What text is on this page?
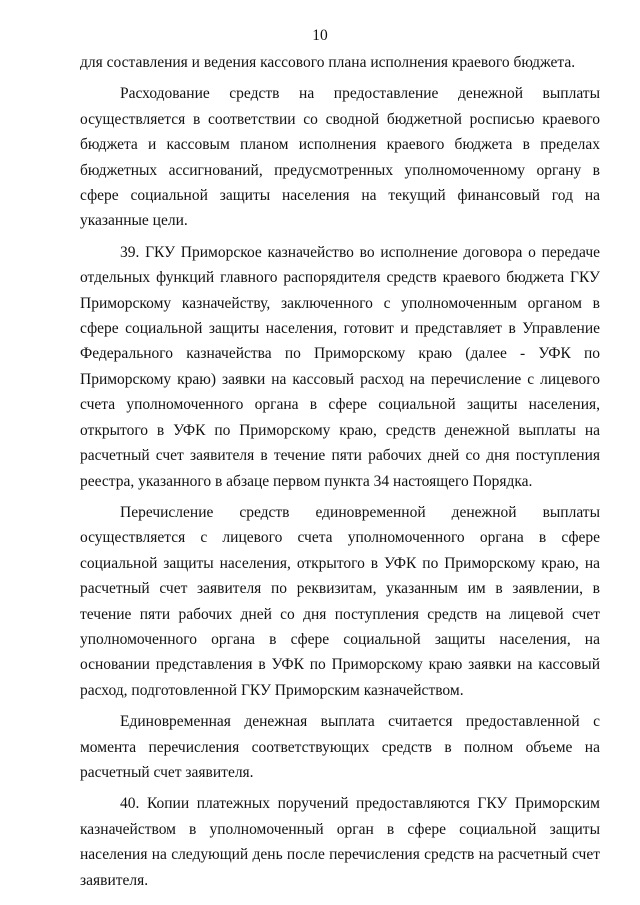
10

для составления и ведения кассового плана исполнения краевого бюджета.

Расходование средств на предоставление денежной выплаты осуществляется в соответствии со сводной бюджетной росписью краевого бюджета и кассовым планом исполнения краевого бюджета в пределах бюджетных ассигнований, предусмотренных уполномоченному органу в сфере социальной защиты населения на текущий финансовый год на указанные цели.

39. ГКУ Приморское казначейство во исполнение договора о передаче отдельных функций главного распорядителя средств краевого бюджета ГКУ Приморскому казначейству, заключенного с уполномоченным органом в сфере социальной защиты населения, готовит и представляет в Управление Федерального казначейства по Приморскому краю (далее - УФК по Приморскому краю) заявки на кассовый расход на перечисление с лицевого счета уполномоченного органа в сфере социальной защиты населения, открытого в УФК по Приморскому краю, средств денежной выплаты на расчетный счет заявителя в течение пяти рабочих дней со дня поступления реестра, указанного в абзаце первом пункта 34 настоящего Порядка.

Перечисление средств единовременной денежной выплаты осуществляется с лицевого счета уполномоченного органа в сфере социальной защиты населения, открытого в УФК по Приморскому краю, на расчетный счет заявителя по реквизитам, указанным им в заявлении, в течение пяти рабочих дней со дня поступления средств на лицевой счет уполномоченного органа в сфере социальной защиты населения, на основании представления в УФК по Приморскому краю заявки на кассовый расход, подготовленной ГКУ Приморским казначейством.

Единовременная денежная выплата считается предоставленной с момента перечисления соответствующих средств в полном объеме на расчетный счет заявителя.

40. Копии платежных поручений предоставляются ГКУ Приморским казначейством в уполномоченный орган в сфере социальной защиты населения на следующий день после перечисления средств на расчетный счет заявителя.
